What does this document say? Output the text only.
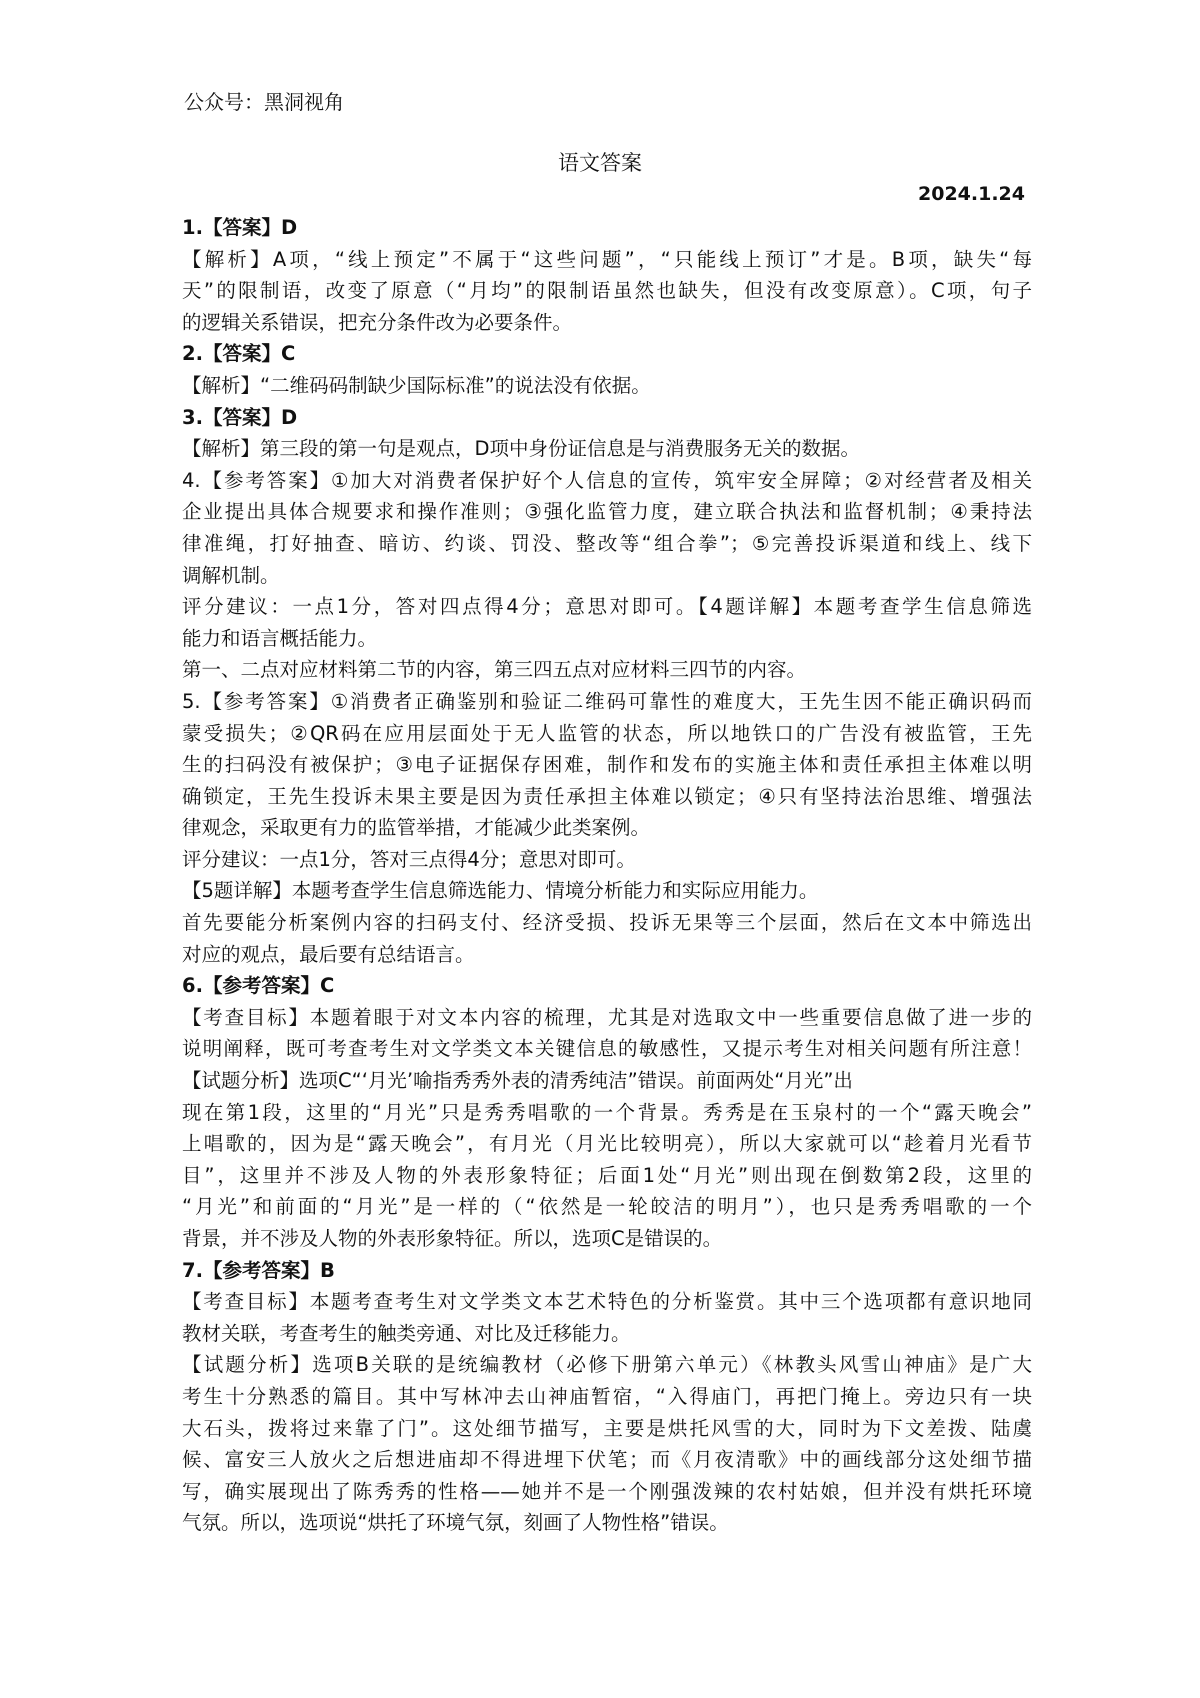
公众号：黑洞视角
语文答案
2024.1.24
1.【答案】D
【解析】A项，“线上预定”不属于“这些问题”，“只能线上预订”才是。B项，缺失“每
天”的限制语，改变了原意（“月均”的限制语虽然也缺失，但没有改变原意）。C项，句子
的逻辑关系错误，把充分条件改为必要条件。
2.【答案】C
【解析】“二维码码制缺少国际标准”的说法没有依据。
3.【答案】D
【解析】第三段的第一句是观点，D项中身份证信息是与消费服务无关的数据。
4.【参考答案】①加大对消费者保护好个人信息的宣传，筑牢安全屏障；②对经营者及相关
企业提出具体合规要求和操作准则；③强化监管力度，建立联合执法和监督机制；④秉持法
律准绳，打好抽查、暗访、约谈、罚没、整改等“组合拳”；⑤完善投诉渠道和线上、线下
调解机制。
评分建议：一点1分，答对四点得4分；意思对即可。【4题详解】本题考查学生信息筛选
能力和语言概括能力。
第一、二点对应材料第二节的内容，第三四五点对应材料三四节的内容。
5.【参考答案】①消费者正确鉴别和验证二维码可靠性的难度大，王先生因不能正确识码而
蒙受损失；②QR码在应用层面处于无人监管的状态，所以地铁口的广告没有被监管，王先
生的扫码没有被保护；③电子证据保存困难，制作和发布的实施主体和责任承担主体难以明
确锁定，王先生投诉未果主要是因为责任承担主体难以锁定；④只有坚持法治思维、增强法
律观念，采取更有力的监管举措，才能减少此类案例。
评分建议：一点1分，答对三点得4分；意思对即可。
【5题详解】本题考查学生信息筛选能力、情境分析能力和实际应用能力。
首先要能分析案例内容的扫码支付、经济受损、投诉无果等三个层面，然后在文本中筛选出
对应的观点，最后要有总结语言。
6.【参考答案】C
【考查目标】本题着眼于对文本内容的梳理，尤其是对选取文中一些重要信息做了进一步的
说明阐释，既可考查考生对文学类文本关键信息的敏感性，又提示考生对相关问题有所注意！
【试题分析】选项C“‘月光’喻指秀秀外表的清秀纯洁”错误。前面两处“月光”出
现在第1段，这里的“月光”只是秀秀唱歌的一个背景。秀秀是在玉泉村的一个“露天晚会”
上唱歌的，因为是“露天晚会”，有月光（月光比较明亮），所以大家就可以“趁着月光看节
目”，这里并不涉及人物的外表形象特征；后面1处“月光”则出现在倒数第2段，这里的
“月光”和前面的“月光”是一样的（“依然是一轮皎洁的明月”），也只是秀秀唱歌的一个
背景，并不涉及人物的外表形象特征。所以，选项C是错误的。
7.【参考答案】B
【考查目标】本题考查考生对文学类文本艺术特色的分析鉴赏。其中三个选项都有意识地同
教材关联，考查考生的触类旁通、对比及迁移能力。
【试题分析】选项B关联的是统编教材（必修下册第六单元）《林教头风雪山神庙》是广大
考生十分熟悉的篇目。其中写林冲去山神庙暂宿，“入得庙门，再把门掩上。旁边只有一块
大石头，拨将过来靠了门”。这处细节描写，主要是烘托风雪的大，同时为下文差拨、陆虞
候、富安三人放火之后想进庙却不得进埋下伏笔；而《月夜清歌》中的画线部分这处细节描
写，确实展现出了陈秀秀的性格——她并不是一个刚强泼辣的农村姑娘，但并没有烘托环境
气氛。所以，选项说“烘托了环境气氛，刻画了人物性格”错误。
